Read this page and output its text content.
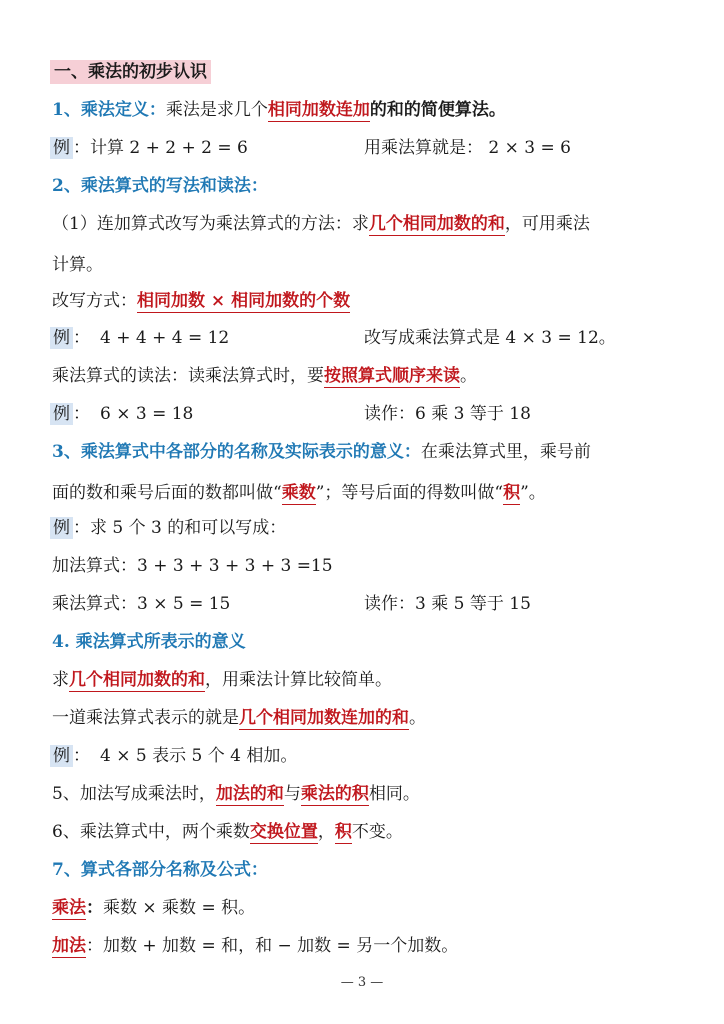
一、乘法的初步认识
1、乘法定义：乘法是求几个相同加数连加的和的简便算法。
例 ：计算 2 + 2 + 2 = 6	用乘法算就是： 2 × 3 = 6
2、乘法算式的写法和读法：
（1）连加算式改写为乘法算式的方法：求几个相同加数的和，可用乘法
计算。
改写方式：相同加数 × 相同加数的个数
例 ： 4 + 4 + 4 = 12	改写成乘法算式是 4 × 3 = 12。
乘法算式的读法：读乘法算式时，要按照算式顺序来读。
例 ： 6 × 3 = 18	读作：6 乘 3 等于 18
3、乘法算式中各部分的名称及实际表示的意义：在乘法算式里，乘号前
面的数和乘号后面的数都叫做“乘数”；等号后面的得数叫做“积”。
例 ：求 5 个 3 的和可以写成：
加法算式：3 + 3 + 3 + 3 + 3 =15
乘法算式：3 × 5 = 15	读作：3 乘 5 等于 15
4. 乘法算式所表示的意义
求几个相同加数的和，用乘法计算比较简单。
一道乘法算式表示的就是几个相同加数连加的和。
例 ： 4 × 5 表示 5 个 4 相加。
5、加法写成乘法时，加法的和与乘法的积相同。
6、乘法算式中，两个乘数交换位置，积不变。
7、算式各部分名称及公式：
乘法：乘数 × 乘数 = 积。
加法：加数 + 加数 = 和，和 − 加数 = 另一个加数。
— 3 —
